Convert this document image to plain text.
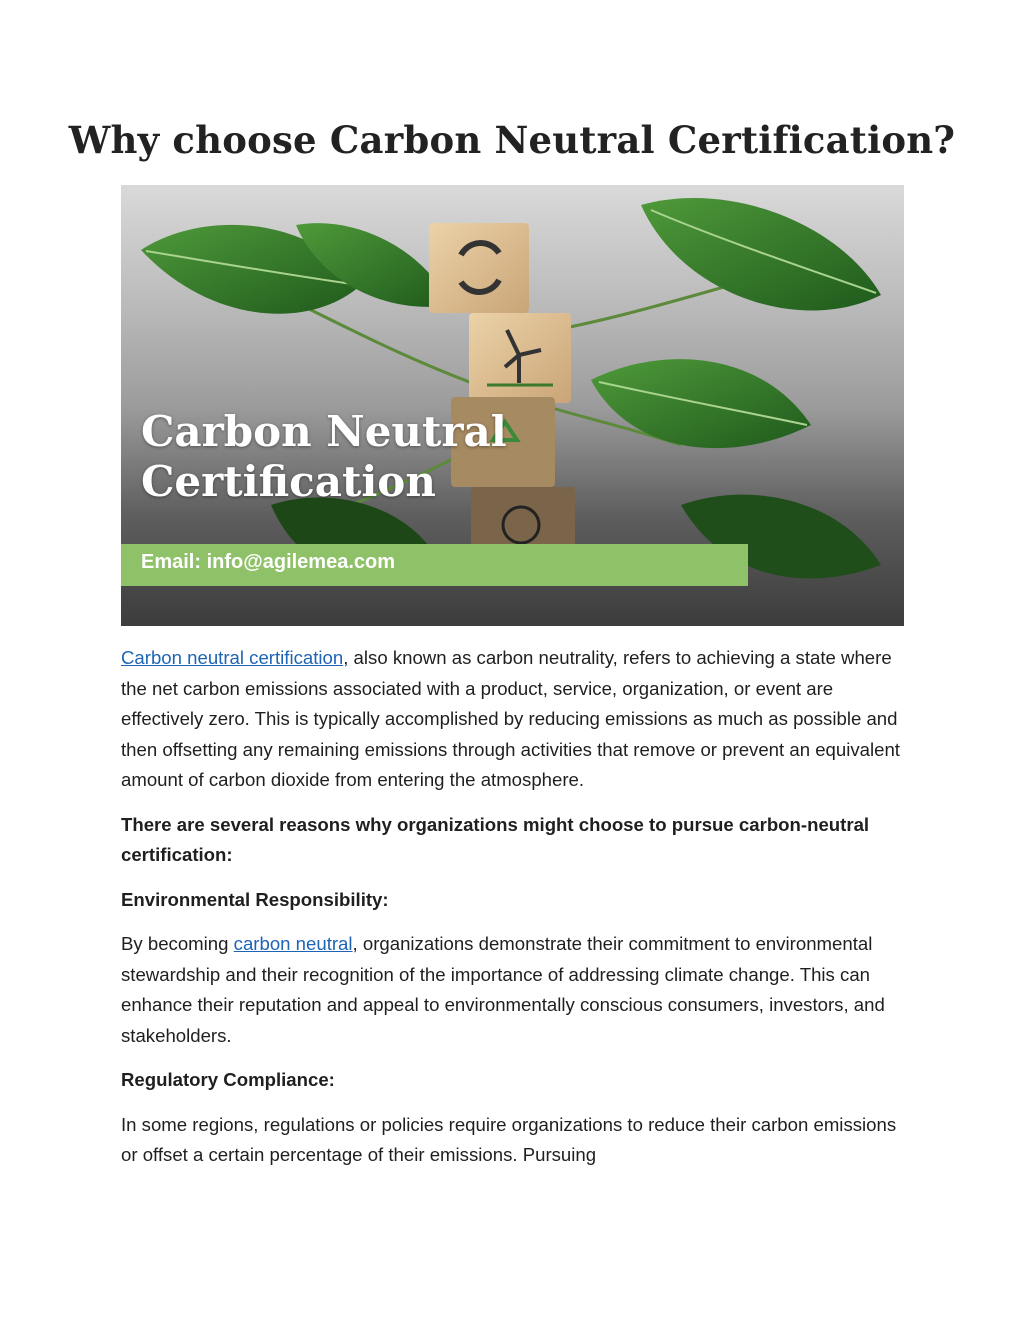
Why choose Carbon Neutral Certification?
Carbon Neutral
Certification
Email: info@agilemea.com

Carbon neutral certification, also known as carbon neutrality, refers to achieving a state where the net carbon emissions associated with a product, service, organization, or event are effectively zero. This is typically accomplished by reducing emissions as much as possible and then offsetting any remaining emissions through activities that remove or prevent an equivalent amount of carbon dioxide from entering the atmosphere.

There are several reasons why organizations might choose to pursue carbon-neutral certification:

Environmental Responsibility:

By becoming carbon neutral, organizations demonstrate their commitment to environmental stewardship and their recognition of the importance of addressing climate change. This can enhance their reputation and appeal to environmentally conscious consumers, investors, and stakeholders.

Regulatory Compliance:

In some regions, regulations or policies require organizations to reduce their carbon emissions or offset a certain percentage of their emissions. Pursuing
